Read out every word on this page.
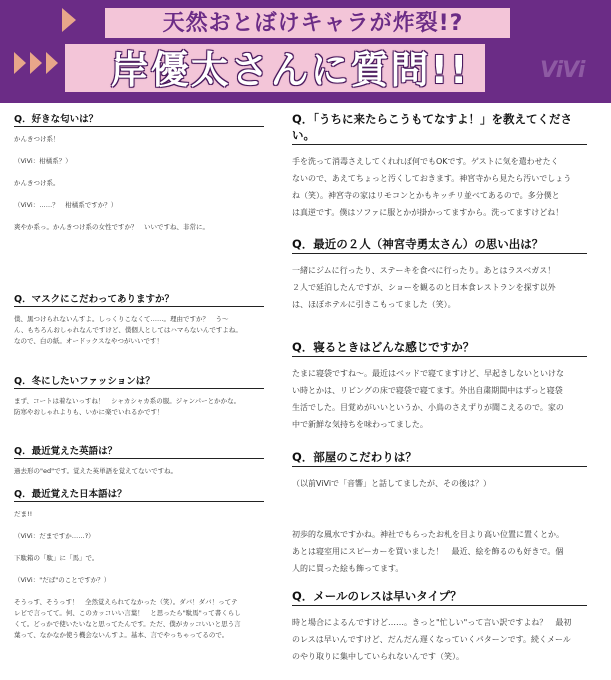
天然おとぼけキャラが炸裂!?
岸優太さんに質問!!	ViVi
Q．好きな匂いは？
かんきつけ系！

（ViVi：柑橘系？）

かんきつけ系。

（ViVi：……？　柑橘系ですか？）

爽やか系っ。かんきつけ系の女性ですか？　いいですね、非常に。
Q．マスクにこだわってありますか？
僕、黒つけられないんすよ。しっくりこなくて……。理由ですか？　う〜
ん、もちろんおしゃれなんですけど、僕個人としてはハマらないんですよね。
なので、白の紙。オードックスなやつがいいです！
Q．冬にしたいファッションは？
まず、コートは着ないっすね！　シャカシャカ系の服。ジャンパーとかかな。
防寒やおしゃれよりも、いかに楽でいれるかです！
Q．最近覚えた英語は？
過去形の"ed"です。覚えた英単語を覚えてないですね。
Q．最近覚えた日本語は？
だま!!

（ViVi：だまですか……?）

下駄箱の「駄」に「馬」で。

（ViVi："だば"のことですか？）

そうっす、そうっす！　全然覚えられてなかった（笑）。ダバ！ダバ！ってテ
レビで言ってて。何、このカッコいい言葉！　と思ったら"駄馬"って書くらし
くて。どっかで使いたいなと思ってたんです。ただ、僕がカッコいいと思う言
葉って、なかなか使う機会ないんすよ。基本、言でやっちゃってるので。
Q．「うちに来たらこうもてなすよ！」を教えてください。
手を洗って消毒さえしてくれれば何でもOKです。ゲストに気を遣わせたく
ないので、あえてちょっと汚くしておきます。神宮寺から見たら汚いでしょう
ね（笑）。神宮寺の家はリモコンとかもキッチリ並べてあるので。多分僕と
は真逆です。僕はソファに服とかが掛かってますから。洗ってますけどね！
Q．最近の２人（神宮寺勇太さん）の思い出は？
一緒にジムに行ったり、ステーキを食べに行ったり。あとはラスベガス！
２人で延泊したんですが、ショーを観るのと日本食レストランを探す以外
は、ほぼホテルに引きこもってました（笑）。
Q．寝るときはどんな感じですか？
たまに寝袋ですね〜。最近はベッドで寝てますけど、早起きしないといけな
い時とかは、リビングの床で寝袋で寝てます。外出自粛期間中はずっと寝袋
生活でした。目覚めがいいというか、小鳥のさえずりが聞こえるので。家の
中で新鮮な気持ちを味わってました。
Q．部屋のこだわりは？
（以前ViViで「音響」と話してましたが、その後は？）

初歩的な風水ですかね。神社でもらったお札を目より高い位置に置くとか。
あとは寝室用にスピーカーを買いました！　最近、絵を飾るのも好きで。個
人的に買った絵も飾ってます。
Q．メールのレスは早いタイプ？
時と場合によるんですけど……。きっと"忙しい"って言い訳ですよね？　最初
のレスは早いんですけど、だんだん遅くなっていくパターンです。続くメール
のやり取りに集中していられないんです（笑）。
